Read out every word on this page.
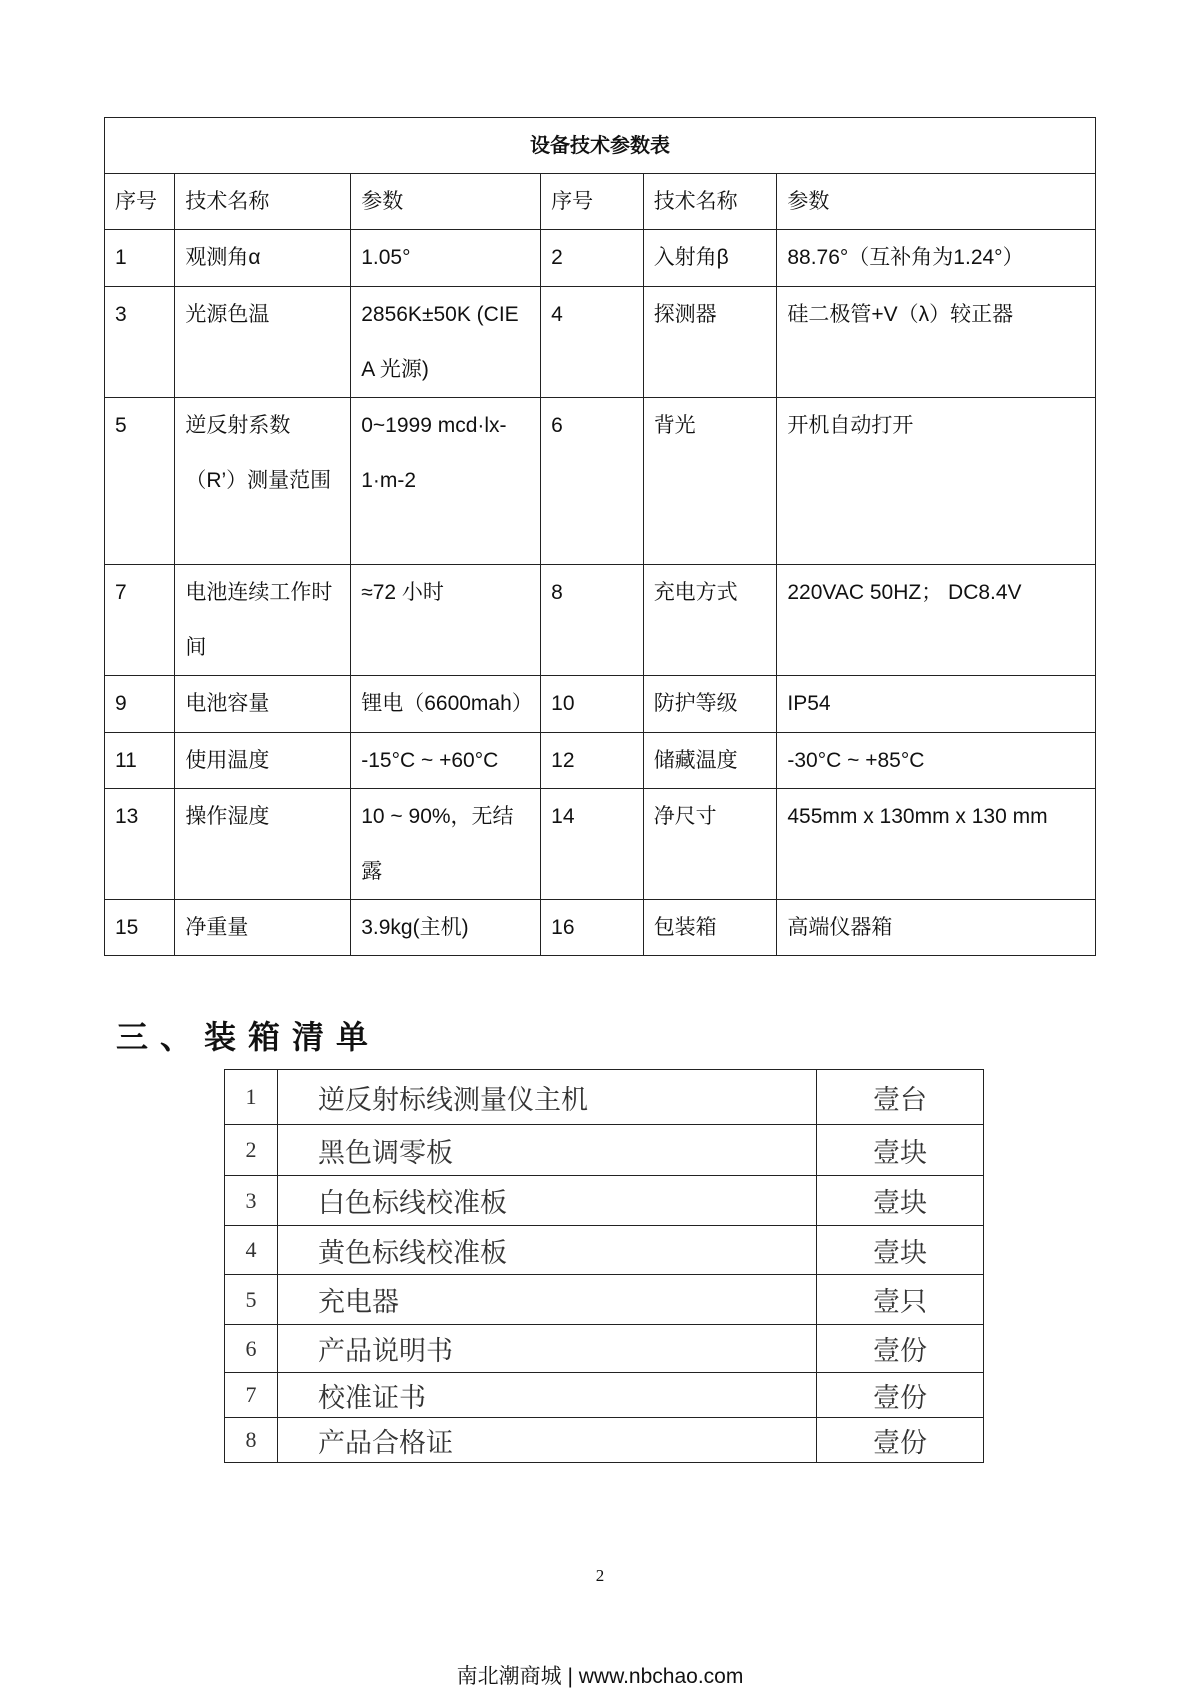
设备技术参数表					
序号	技术名称	参数	序号	技术名称	参数
1	观测角α	1.05°	2	入射角β	88.76°（互补角为1.24°）
3	光源色温	2856K±50K (CIE A 光源)	4	探测器	硅二极管+V（λ）较正器
5	逆反射系数（R’）测量范围	0~1999 mcd·lx-1·m-2	6	背光	开机自动打开
7	电池连续工作时间	≈72 小时	8	充电方式	220VAC 50HZ； DC8.4V
9	电池容量	锂电（6600mah）	10	防护等级	IP54
11	使用温度	-15°C ~ +60°C	12	储藏温度	-30°C ~ +85°C
13	操作湿度	10 ~ 90%，无结露	14	净尺寸	455mm x 130mm x 130 mm
15	净重量	3.9kg(主机)	16	包装箱	高端仪器箱
三、装箱清单
1	逆反射标线测量仪主机	壹台
2	黑色调零板	壹块
3	白色标线校准板	壹块
4	黄色标线校准板	壹块
5	充电器	壹只
6	产品说明书	壹份
7	校准证书	壹份
8	产品合格证	壹份
2
南北潮商城 | www.nbchao.com
